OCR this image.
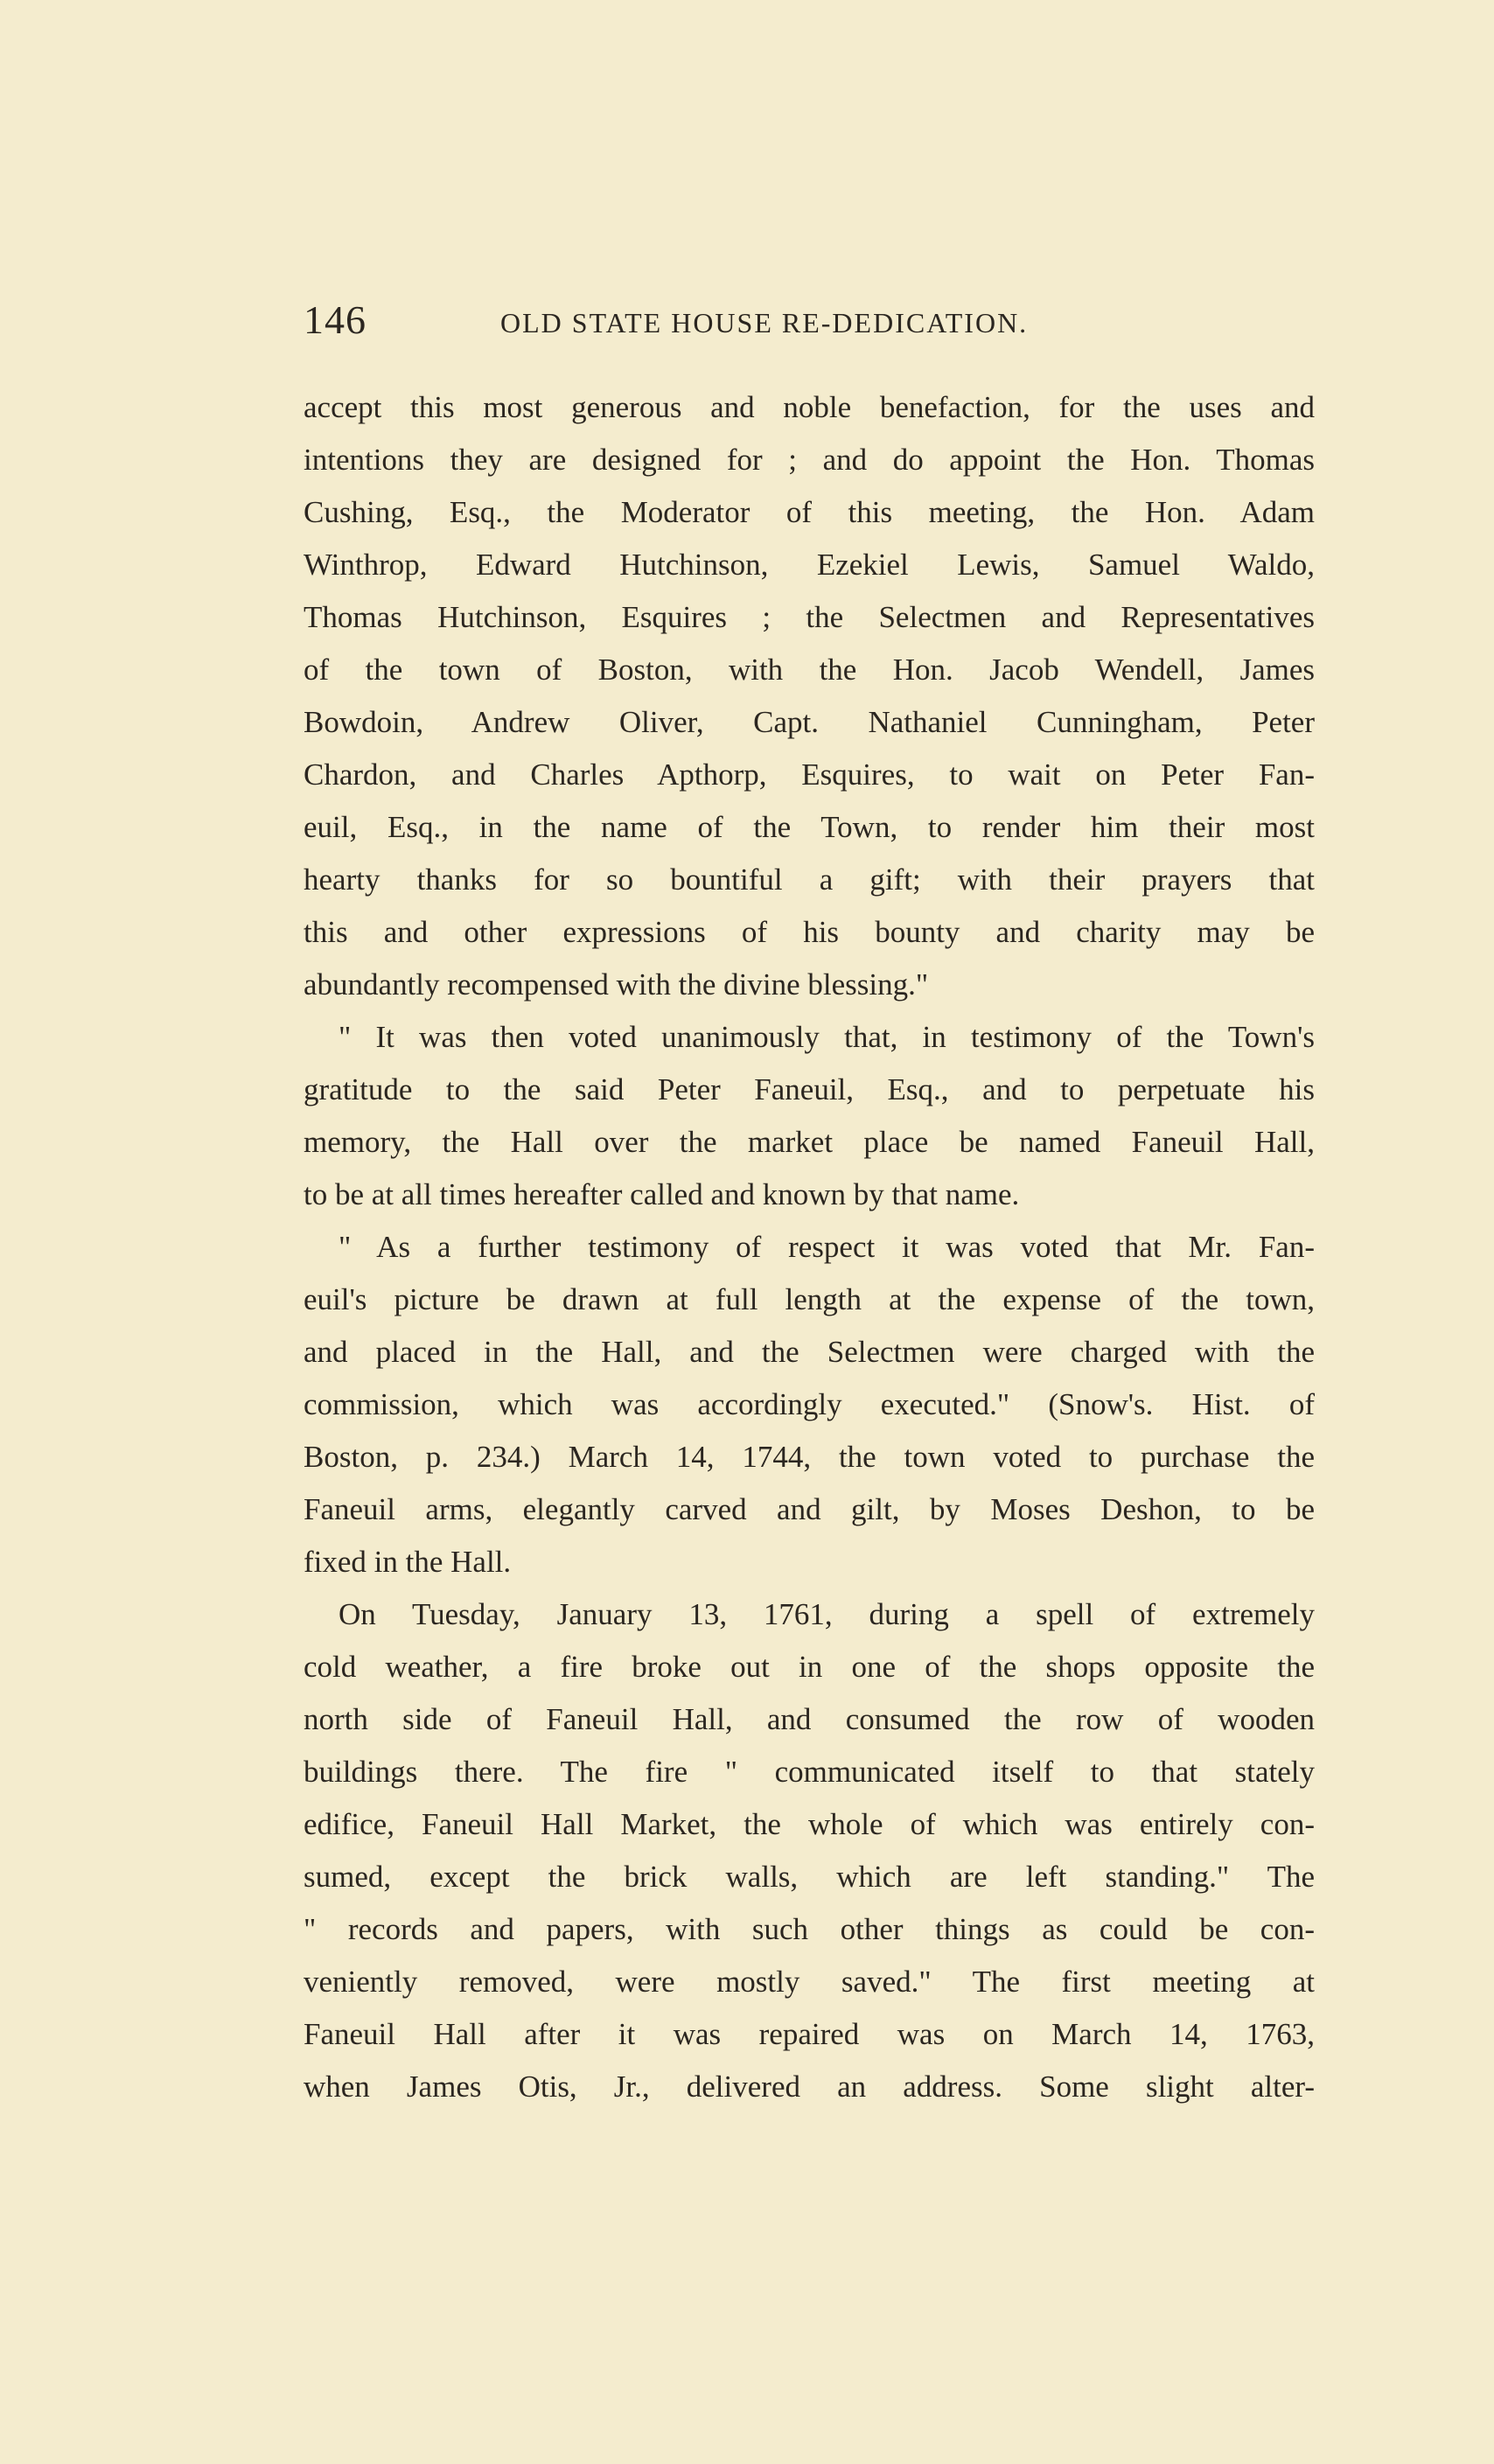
146	OLD STATE HOUSE RE-DEDICATION.
accept this most generous and noble benefaction, for the uses and
intentions they are designed for ; and do appoint the Hon. Thomas
Cushing, Esq., the Moderator of this meeting, the Hon. Adam
Winthrop, Edward Hutchinson, Ezekiel Lewis, Samuel Waldo,
Thomas Hutchinson, Esquires ; the Selectmen and Representatives
of the town of Boston, with the Hon. Jacob Wendell, James
Bowdoin, Andrew Oliver, Capt. Nathaniel Cunningham, Peter
Chardon, and Charles Apthorp, Esquires, to wait on Peter Fan-
euil, Esq., in the name of the Town, to render him their most
hearty thanks for so bountiful a gift; with their prayers that
this and other expressions of his bounty and charity may be
abundantly recompensed with the divine blessing."
" It was then voted unanimously that, in testimony of the Town's
gratitude to the said Peter Faneuil, Esq., and to perpetuate his
memory, the Hall over the market place be named Faneuil Hall,
to be at all times hereafter called and known by that name.
" As a further testimony of respect it was voted that Mr. Fan-
euil's picture be drawn at full length at the expense of the town,
and placed in the Hall, and the Selectmen were charged with the
commission, which was accordingly executed." (Snow's. Hist. of
Boston, p. 234.) March 14, 1744, the town voted to purchase the
Faneuil arms, elegantly carved and gilt, by Moses Deshon, to be
fixed in the Hall.
On Tuesday, January 13, 1761, during a spell of extremely
cold weather, a fire broke out in one of the shops opposite the
north side of Faneuil Hall, and consumed the row of wooden
buildings there. The fire " communicated itself to that stately
edifice, Faneuil Hall Market, the whole of which was entirely con-
sumed, except the brick walls, which are left standing." The
" records and papers, with such other things as could be con-
veniently removed, were mostly saved." The first meeting at
Faneuil Hall after it was repaired was on March 14, 1763,
when James Otis, Jr., delivered an address. Some slight alter-
